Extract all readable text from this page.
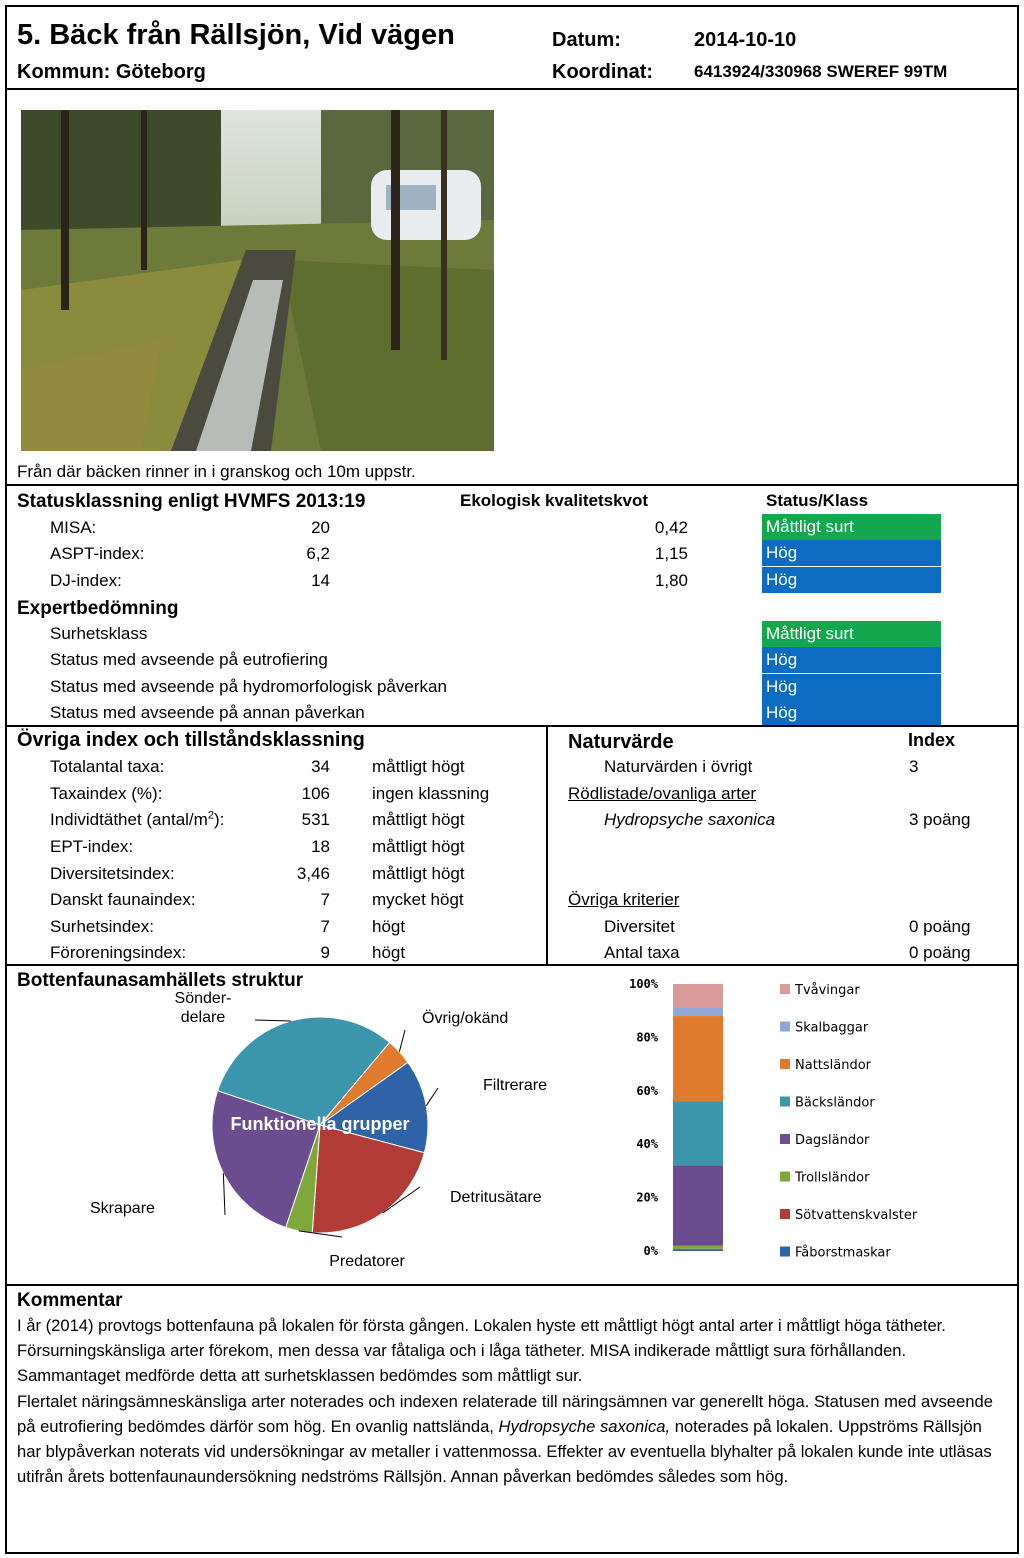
5. Bäck från Rällsjön, Vid vägen
Kommun: Göteborg
Datum:	2014-10-10
Koordinat: 6413924/330968 SWEREF 99TM
Från där bäcken rinner in i granskog och 10m uppstr.
Statusklassning enligt HVMFS 2013:19	Ekologisk kvalitetskvot	Status/Klass
MISA:	20	0,42	Måttligt surt
ASPT-index:	6,2	1,15	Hög
DJ-index:	14	1,80	Hög
Expertbedömning
Surhetsklass	Måttligt surt
Status med avseende på eutrofiering	Hög
Status med avseende på hydromorfologisk påverkan	Hög
Status med avseende på annan påverkan	Hög
Övriga index och tillståndsklassning
Totalantal taxa:	34 måttligt högt
Taxaindex (%):	106 ingen klassning
Individtäthet $(antal/m^2)$:	531 måttligt högt
EPT-index:	18 måttligt högt
Diversitetsindex:	3,46 måttligt högt
Danskt faunaindex:	7 mycket högt
Surhetsindex:	7 högt
Föroreningsindex:	9 högt
Naturvärde	Index
Naturvärden i övrigt	3
Rödlistade/ovanliga arter
Hydropsyche saxonica	3 poäng
Övriga kriterier
Diversitet	0 poäng
Antal taxa	0 poäng
Bottenfaunasamhällets struktur
Övrig/okänd
Filtrerare
Detritusätare
Predatorer
Skrapare
Sönder-delare
Funktionella grupper
0%
20%
40%
60%
80%
100%	Tvåvingar
Skalbaggar
Nattsländor
Bäcksländor
Dagsländor
Trollsländor
Sötvattenskvalster
Fåborstmaskar
Kommentar

I år (2014) provtogs bottenfauna på lokalen för första gången. Lokalen hyste ett måttligt högt antal arter i måttligt höga tätheter. Försurningskänsliga arter förekom, men dessa var fåtaliga och i låga tätheter. MISA indikerade måttligt sura förhållanden. Sammantaget medförde detta att surhetsklassen bedömdes som måttligt sur.

Flertalet näringsämneskänsliga arter noterades och indexen relaterade till näringsämnen var generellt höga. Statusen med avseende på eutrofiering bedömdes därför som hög. En ovanlig nattslända, Hydropsyche saxonica, noterades på lokalen. Uppströms Rällsjön har blypåverkan noterats vid undersökningar av metaller i vattenmossa. Effekter av eventuella blyhalter på lokalen kunde inte utläsas utifrån årets bottenfaunaundersökning nedströms Rällsjön. Annan påverkan bedömdes således som hög.
